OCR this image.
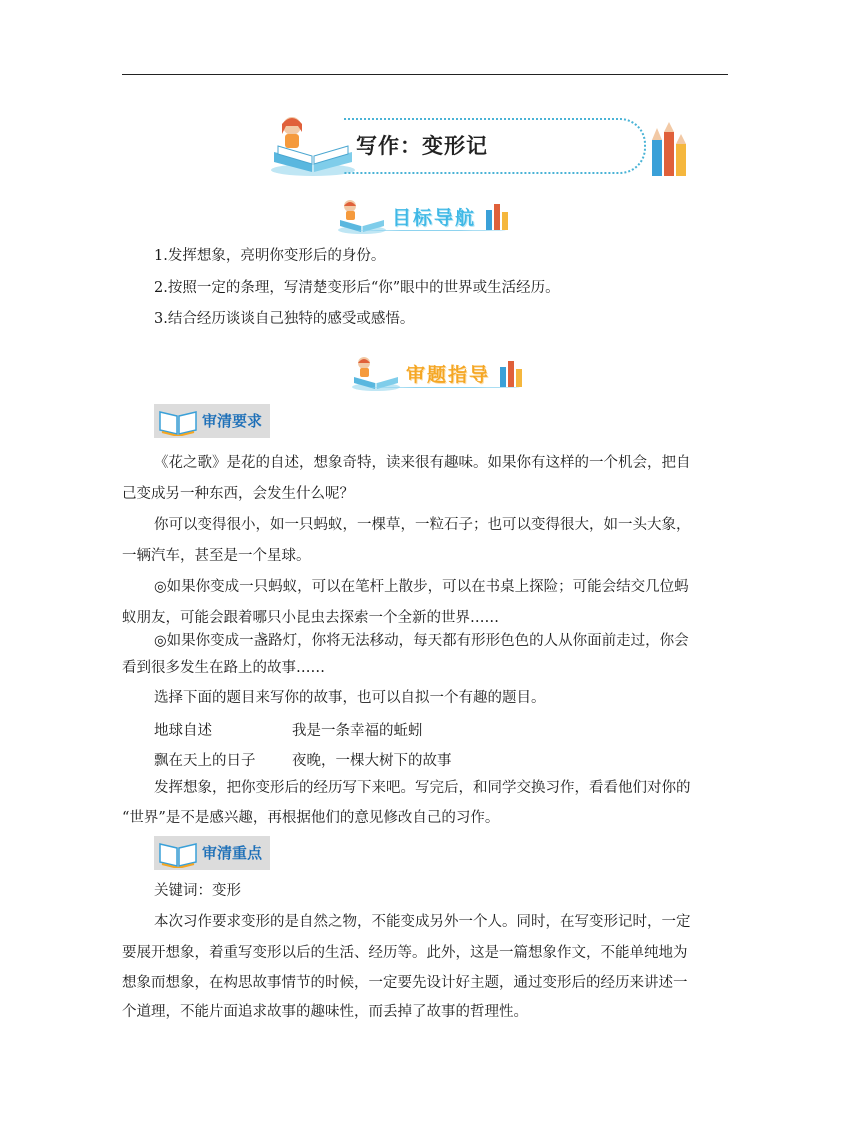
写作：变形记
目标导航
1.发挥想象，亮明你变形后的身份。
2.按照一定的条理，写清楚变形后“你”眼中的世界或生活经历。
3.结合经历谈谈自己独特的感受或感悟。
审题指导
审清要求
《花之歌》是花的自述，想象奇特，读来很有趣味。如果你有这样的一个机会，把自
己变成另一种东西，会发生什么呢？
你可以变得很小，如一只蚂蚁，一棵草，一粒石子；也可以变得很大，如一头大象，
一辆汽车，甚至是一个星球。
◎如果你变成一只蚂蚁，可以在笔杆上散步，可以在书桌上探险；可能会结交几位蚂
蚁朋友，可能会跟着哪只小昆虫去探索一个全新的世界……
◎如果你变成一盏路灯，你将无法移动，每天都有形形色色的人从你面前走过，你会
看到很多发生在路上的故事……
选择下面的题目来写你的故事，也可以自拟一个有趣的题目。
地球自述	我是一条幸福的蚯蚓
飘在天上的日子	夜晚，一棵大树下的故事
发挥想象，把你变形后的经历写下来吧。写完后，和同学交换习作，看看他们对你的
“世界”是不是感兴趣，再根据他们的意见修改自己的习作。
审清重点
关键词：变形
本次习作要求变形的是自然之物，不能变成另外一个人。同时，在写变形记时，一定
要展开想象，着重写变形以后的生活、经历等。此外，这是一篇想象作文，不能单纯地为
想象而想象，在构思故事情节的时候，一定要先设计好主题，通过变形后的经历来讲述一
个道理，不能片面追求故事的趣味性，而丢掉了故事的哲理性。
